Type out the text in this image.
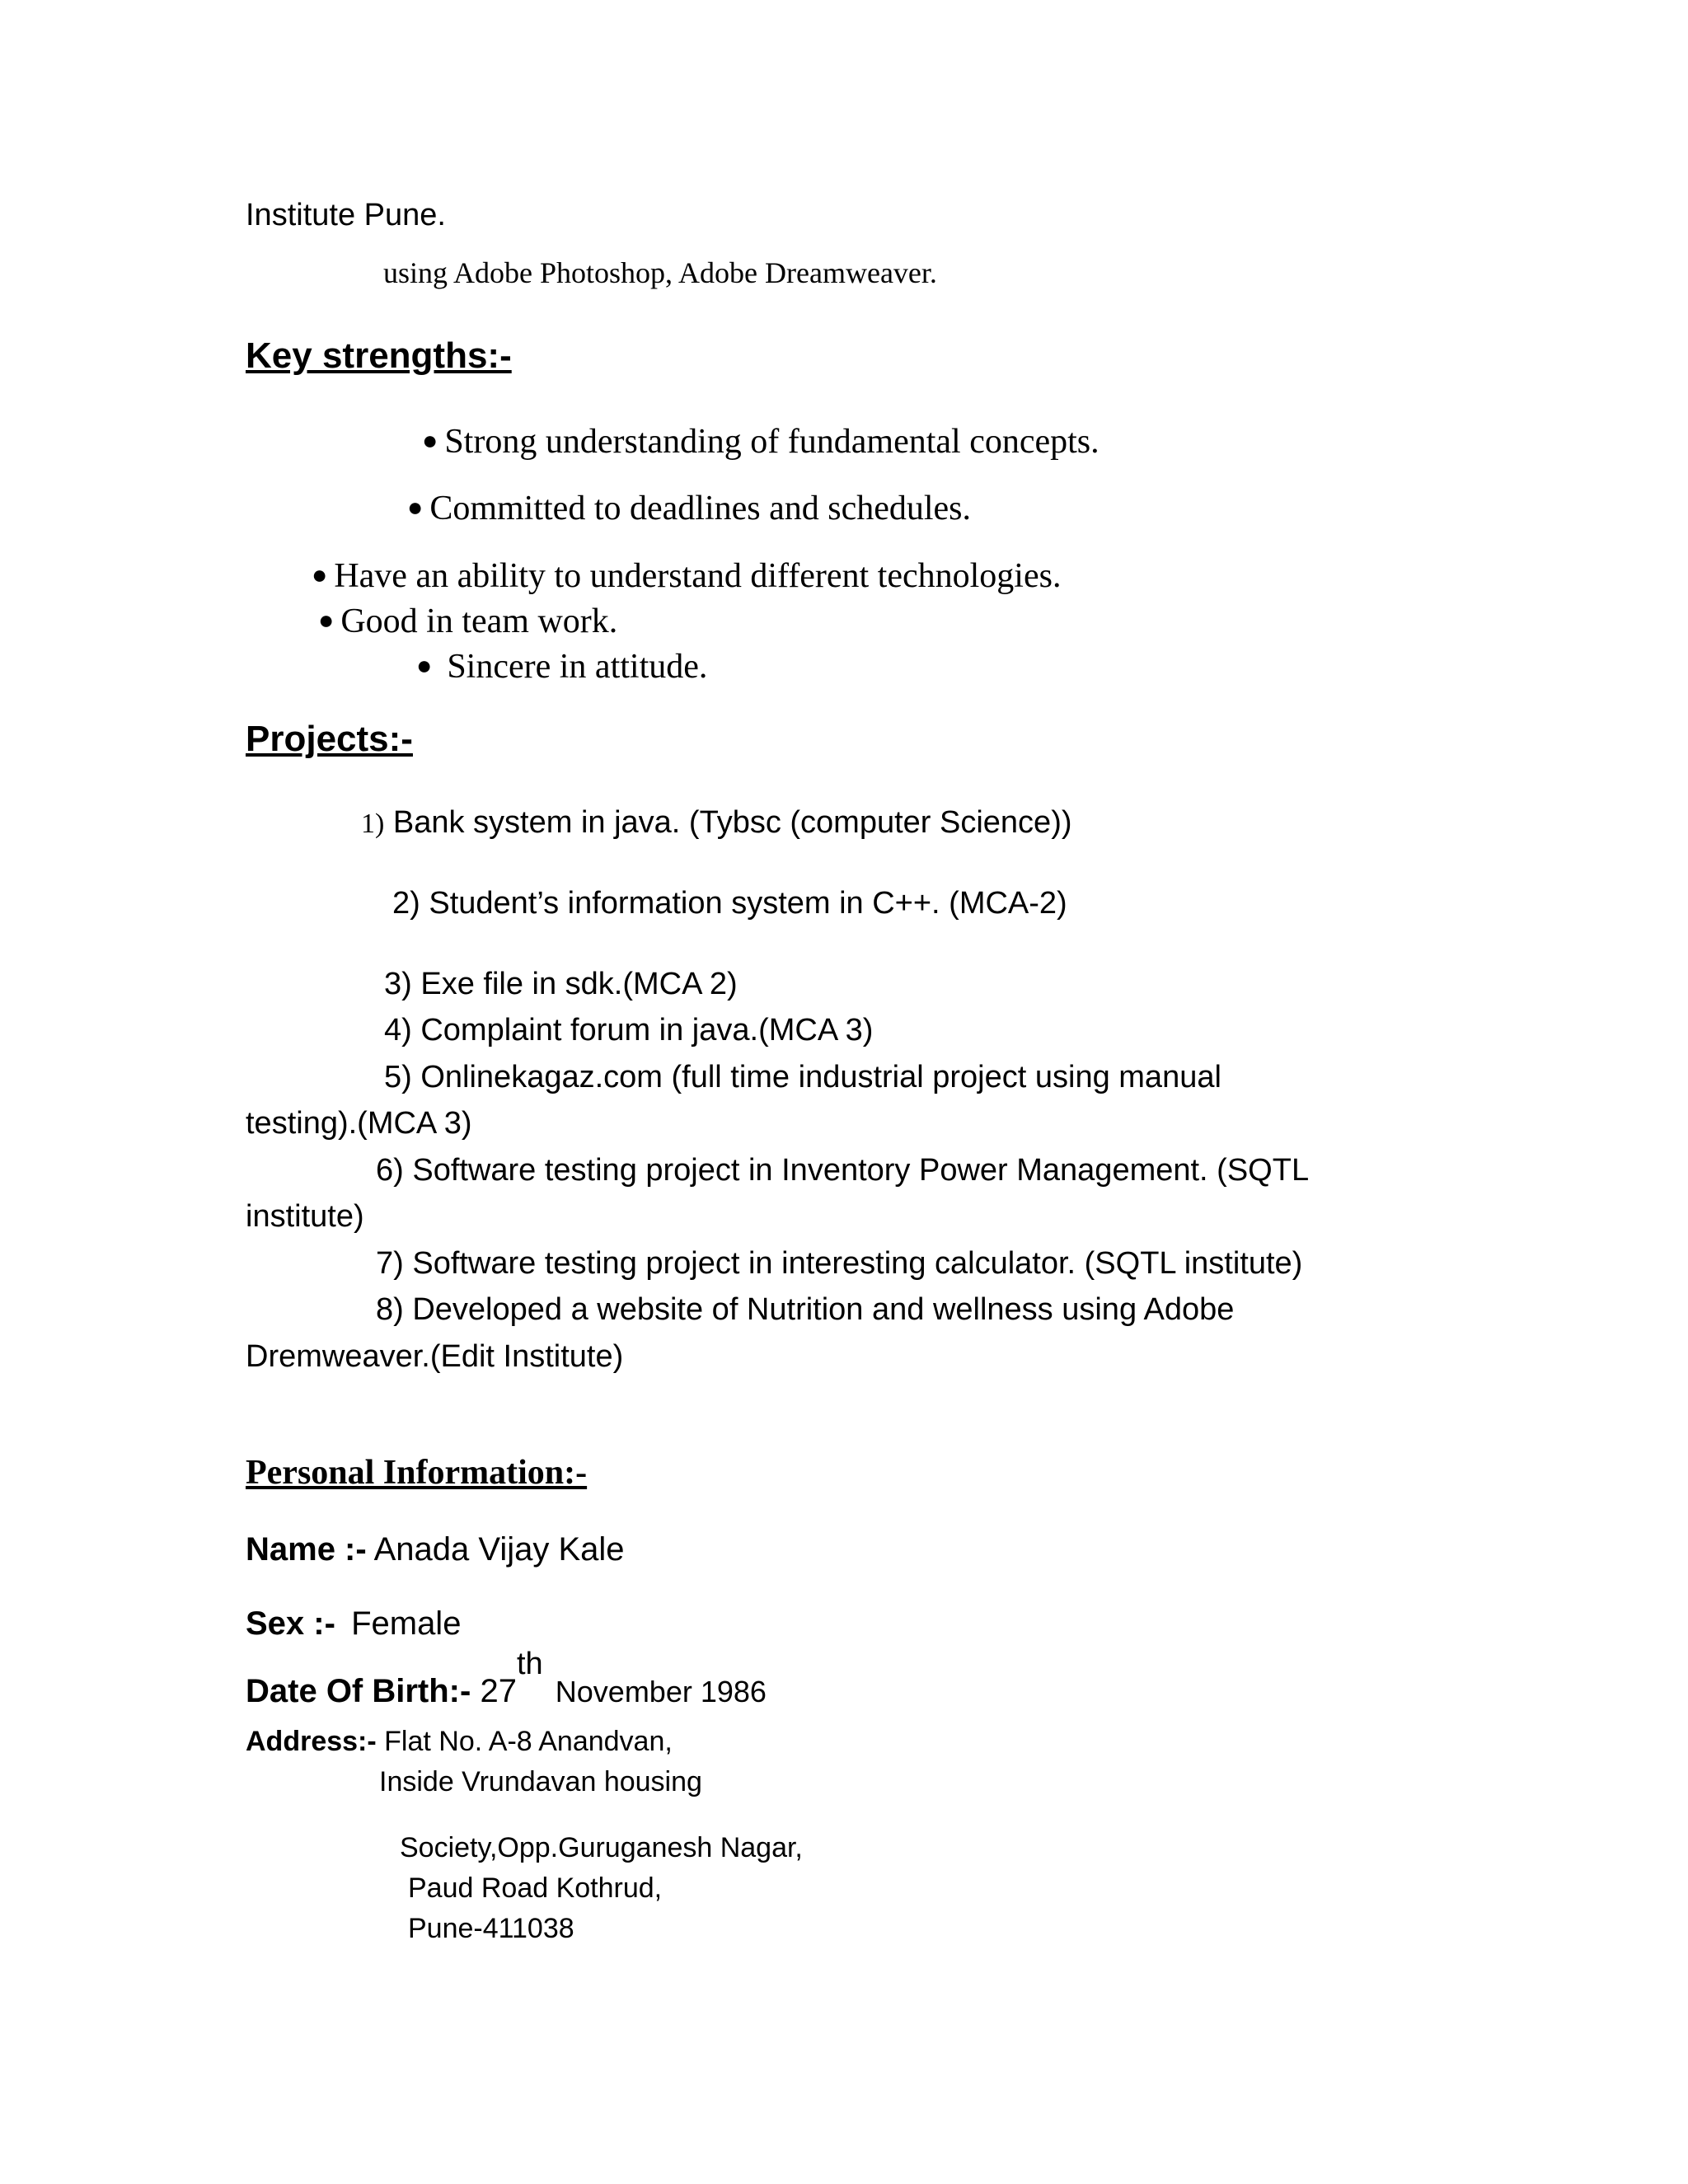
Institute Pune.

using Adobe Photoshop, Adobe Dreamweaver.

Key strengths:-

● Strong understanding of fundamental concepts.
● Committed to deadlines and schedules.
● Have an ability to understand different technologies.
● Good in team work.
● Sincere in attitude.

Projects:-

1) Bank system in java. (Tybsc (computer Science))

2) Student’s information system in C++. (MCA-2)

3) Exe file in sdk.(MCA 2)

4) Complaint forum in java.(MCA 3)

5) Onlinekagaz.com (full time industrial project using manual

testing).(MCA 3)

6) Software testing project in Inventory Power Management. (SQTL

institute)

7) Software testing project in interesting calculator. (SQTL institute)

8) Developed a website of Nutrition and wellness using Adobe

Dremweaver.(Edit Institute)

Personal Information:-

Name :- Anada Vijay Kale
Sex :- Female
Date Of Birth:- 27th November 1986
Address:- Flat No. A-8 Anandvan,

Inside Vrundavan housing

Society,Opp.Guruganesh Nagar,

Paud Road Kothrud,

Pune-411038
